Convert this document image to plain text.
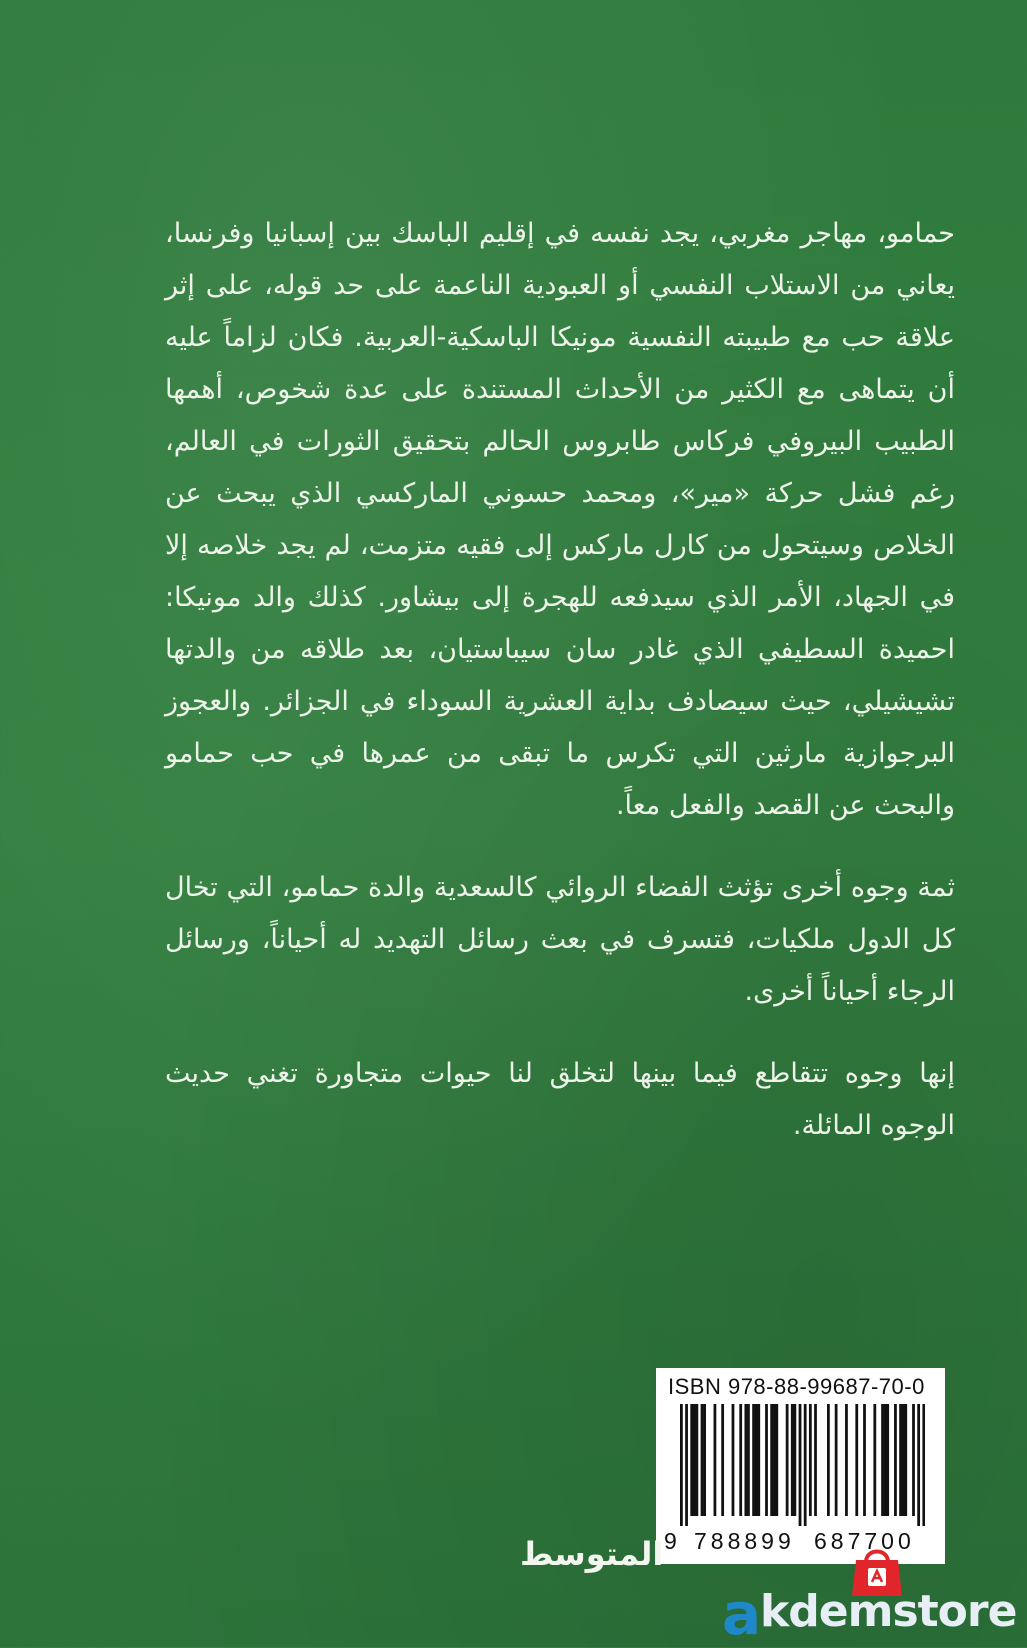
حمامو، مهاجر مغربي، يجد نفسه في إقليم الباسك بين إسبانيا وفرنسا، يعاني من الاستلاب النفسي أو العبودية الناعمة على حد قوله، على إثر علاقة حب مع طبيبته النفسية مونيكا الباسكية-العربية. فكان لزاماً عليه أن يتماهى مع الكثير من الأحداث المستندة على عدة شخوص، أهمها الطبيب البيروفي فركاس طابروس الحالم بتحقيق الثورات في العالم، رغم فشل حركة «مير»، ومحمد حسوني الماركسي الذي يبحث عن الخلاص وسيتحول من كارل ماركس إلى فقيه متزمت، لم يجد خلاصه إلا في الجهاد، الأمر الذي سيدفعه للهجرة إلى بيشاور. كذلك والد مونيكا: احميدة السطيفي الذي غادر سان سيباستيان، بعد طلاقه من والدتها تشيشيلي، حيث سيصادف بداية العشرية السوداء في الجزائر. والعجوز البرجوازية مارثين التي تكرس ما تبقى من عمرها في حب حمامو والبحث عن القصد والفعل معاً.

ثمة وجوه أخرى تؤثث الفضاء الروائي كالسعدية والدة حمامو، التي تخال كل الدول ملكيات، فتسرف في بعث رسائل التهديد له أحياناً، ورسائل الرجاء أحياناً أخرى.

إنها وجوه تتقاطع فيما بينها لتخلق لنا حيوات متجاورة تغني حديث الوجوه المائلة.

ISBN 978-88-99687-70-0
9 788899 687700
المتوسط
a
kdemstore
